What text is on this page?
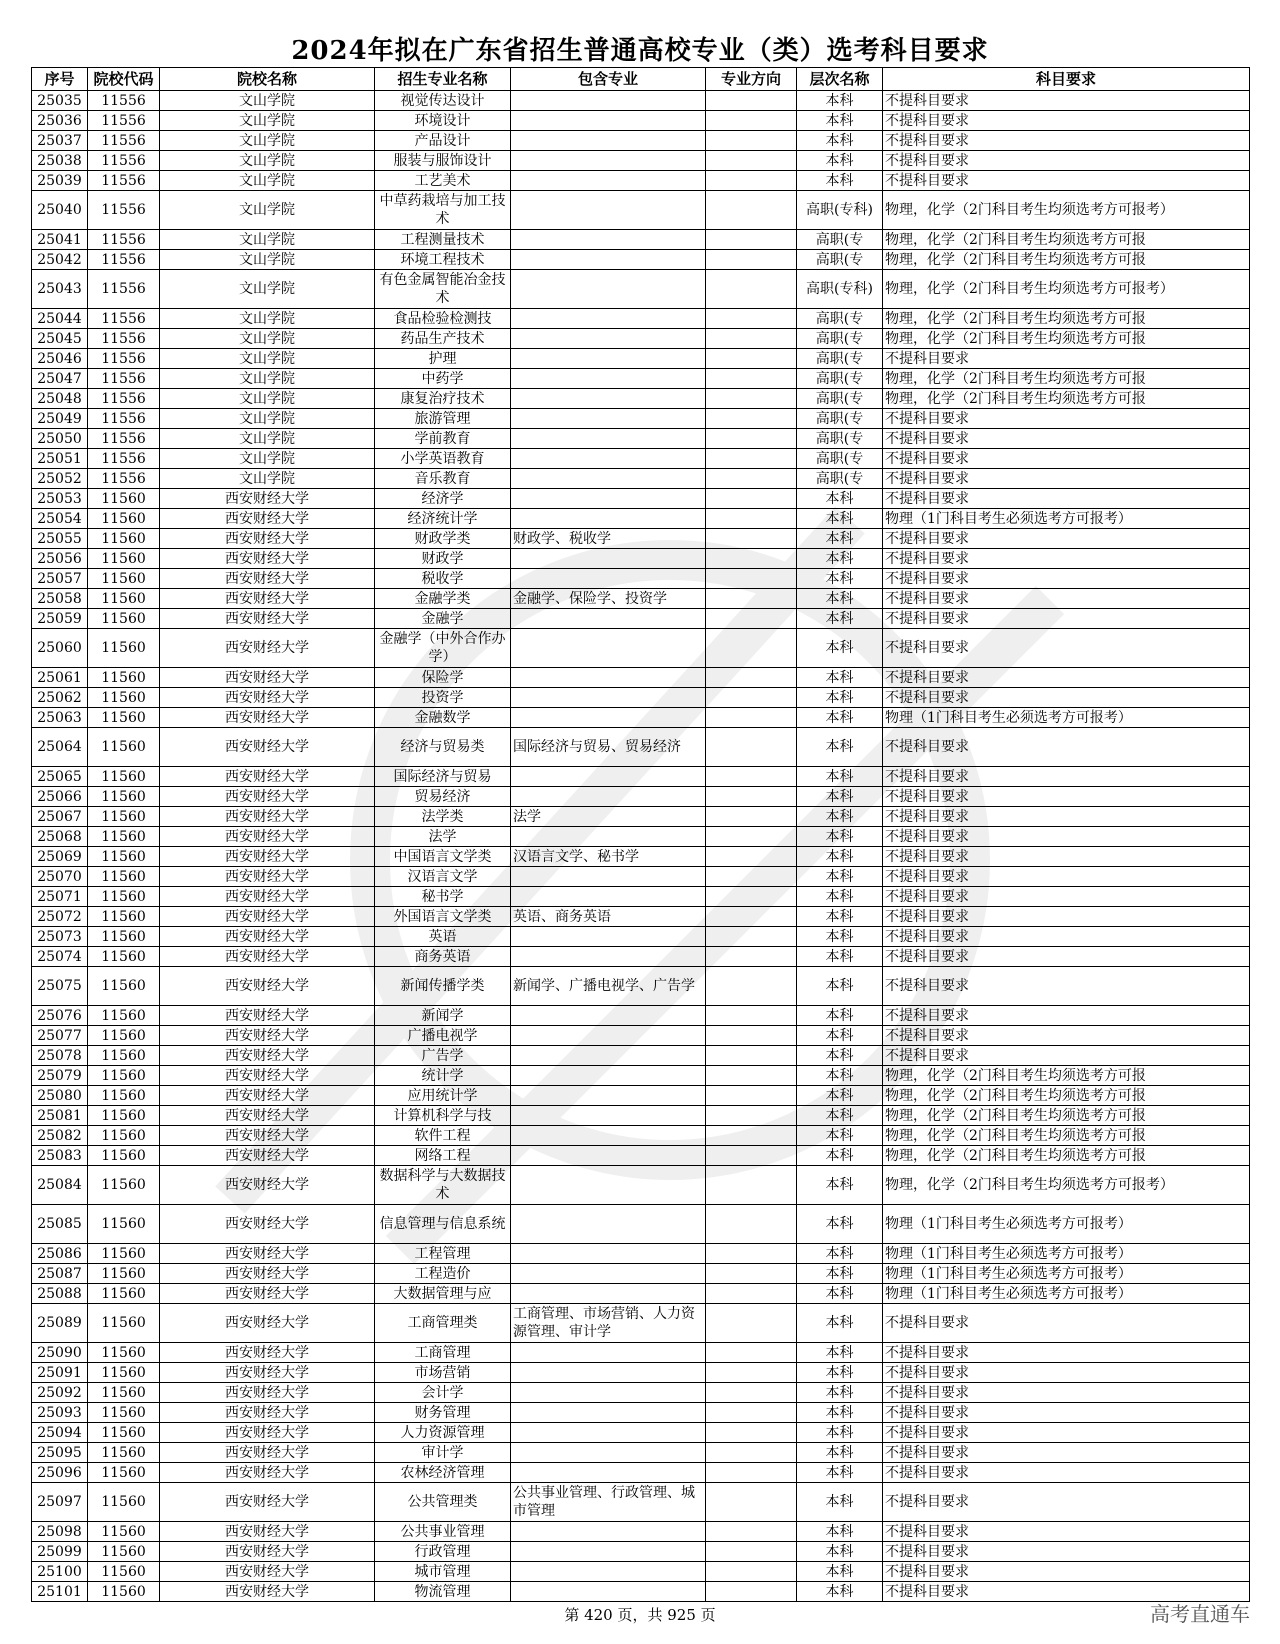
2024年拟在广东省招生普通高校专业（类）选考科目要求
序号	院校代码	院校名称	招生专业名称	包含专业	专业方向	层次名称	科目要求
25035	11556	文山学院	视觉传达设计			本科	不提科目要求
25036	11556	文山学院	环境设计			本科	不提科目要求
25037	11556	文山学院	产品设计			本科	不提科目要求
25038	11556	文山学院	服装与服饰设计			本科	不提科目要求
25039	11556	文山学院	工艺美术			本科	不提科目要求
25040	11556	文山学院	中草药栽培与加工技术			高职(专科)	物理，化学（2门科目考生均须选考方可报考）
25041	11556	文山学院	工程测量技术			高职(专	物理，化学（2门科目考生均须选考方可报
25042	11556	文山学院	环境工程技术			高职(专	物理，化学（2门科目考生均须选考方可报
25043	11556	文山学院	有色金属智能冶金技术			高职(专科)	物理，化学（2门科目考生均须选考方可报考）
25044	11556	文山学院	食品检验检测技			高职(专	物理，化学（2门科目考生均须选考方可报
25045	11556	文山学院	药品生产技术			高职(专	物理，化学（2门科目考生均须选考方可报
25046	11556	文山学院	护理			高职(专	不提科目要求
25047	11556	文山学院	中药学			高职(专	物理，化学（2门科目考生均须选考方可报
25048	11556	文山学院	康复治疗技术			高职(专	物理，化学（2门科目考生均须选考方可报
25049	11556	文山学院	旅游管理			高职(专	不提科目要求
25050	11556	文山学院	学前教育			高职(专	不提科目要求
25051	11556	文山学院	小学英语教育			高职(专	不提科目要求
25052	11556	文山学院	音乐教育			高职(专	不提科目要求
25053	11560	西安财经大学	经济学			本科	不提科目要求
25054	11560	西安财经大学	经济统计学			本科	物理（1门科目考生必须选考方可报考）
25055	11560	西安财经大学	财政学类	财政学、税收学		本科	不提科目要求
25056	11560	西安财经大学	财政学			本科	不提科目要求
25057	11560	西安财经大学	税收学			本科	不提科目要求
25058	11560	西安财经大学	金融学类	金融学、保险学、投资学		本科	不提科目要求
25059	11560	西安财经大学	金融学			本科	不提科目要求
25060	11560	西安财经大学	金融学（中外合作办学）			本科	不提科目要求
25061	11560	西安财经大学	保险学			本科	不提科目要求
25062	11560	西安财经大学	投资学			本科	不提科目要求
25063	11560	西安财经大学	金融数学			本科	物理（1门科目考生必须选考方可报考）
25064	11560	西安财经大学	经济与贸易类	国际经济与贸易、贸易经济		本科	不提科目要求
25065	11560	西安财经大学	国际经济与贸易			本科	不提科目要求
25066	11560	西安财经大学	贸易经济			本科	不提科目要求
25067	11560	西安财经大学	法学类	法学		本科	不提科目要求
25068	11560	西安财经大学	法学			本科	不提科目要求
25069	11560	西安财经大学	中国语言文学类	汉语言文学、秘书学		本科	不提科目要求
25070	11560	西安财经大学	汉语言文学			本科	不提科目要求
25071	11560	西安财经大学	秘书学			本科	不提科目要求
25072	11560	西安财经大学	外国语言文学类	英语、商务英语		本科	不提科目要求
25073	11560	西安财经大学	英语			本科	不提科目要求
25074	11560	西安财经大学	商务英语			本科	不提科目要求
25075	11560	西安财经大学	新闻传播学类	新闻学、广播电视学、广告学		本科	不提科目要求
25076	11560	西安财经大学	新闻学			本科	不提科目要求
25077	11560	西安财经大学	广播电视学			本科	不提科目要求
25078	11560	西安财经大学	广告学			本科	不提科目要求
25079	11560	西安财经大学	统计学			本科	物理，化学（2门科目考生均须选考方可报
25080	11560	西安财经大学	应用统计学			本科	物理，化学（2门科目考生均须选考方可报
25081	11560	西安财经大学	计算机科学与技			本科	物理，化学（2门科目考生均须选考方可报
25082	11560	西安财经大学	软件工程			本科	物理，化学（2门科目考生均须选考方可报
25083	11560	西安财经大学	网络工程			本科	物理，化学（2门科目考生均须选考方可报
25084	11560	西安财经大学	数据科学与大数据技术			本科	物理，化学（2门科目考生均须选考方可报考）
25085	11560	西安财经大学	信息管理与信息系统			本科	物理（1门科目考生必须选考方可报考）
25086	11560	西安财经大学	工程管理			本科	物理（1门科目考生必须选考方可报考）
25087	11560	西安财经大学	工程造价			本科	物理（1门科目考生必须选考方可报考）
25088	11560	西安财经大学	大数据管理与应			本科	物理（1门科目考生必须选考方可报考）
25089	11560	西安财经大学	工商管理类	工商管理、市场营销、人力资源管理、审计学		本科	不提科目要求
25090	11560	西安财经大学	工商管理			本科	不提科目要求
25091	11560	西安财经大学	市场营销			本科	不提科目要求
25092	11560	西安财经大学	会计学			本科	不提科目要求
25093	11560	西安财经大学	财务管理			本科	不提科目要求
25094	11560	西安财经大学	人力资源管理			本科	不提科目要求
25095	11560	西安财经大学	审计学			本科	不提科目要求
25096	11560	西安财经大学	农林经济管理			本科	不提科目要求
25097	11560	西安财经大学	公共管理类	公共事业管理、行政管理、城市管理		本科	不提科目要求
25098	11560	西安财经大学	公共事业管理			本科	不提科目要求
25099	11560	西安财经大学	行政管理			本科	不提科目要求
25100	11560	西安财经大学	城市管理			本科	不提科目要求
25101	11560	西安财经大学	物流管理			本科	不提科目要求
第 420 页，共 925 页	高考直通车
